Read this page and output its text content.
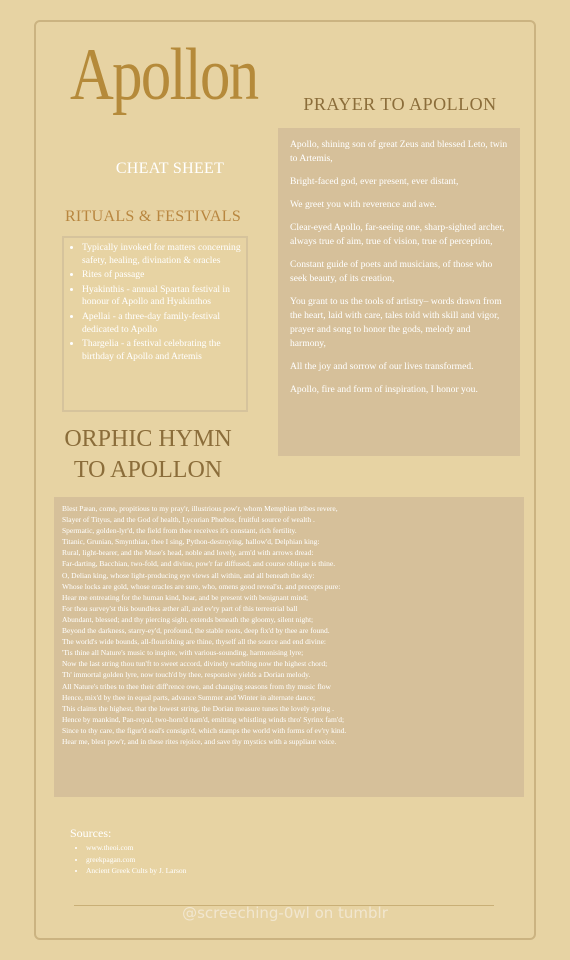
Apollon	PRAYER TO APOLLON
CHEAT SHEET
RITUALS & FESTIVALS
• Typically invoked for matters concerning safety, healing, divination & oracles
• Rites of passage
• Hyakinthis - annual Spartan festival in honour of Apollo and Hyakinthos
• Apellai - a three-day family-festival dedicated to Apollo
• Thargelia - a festival celebrating the birthday of Apollo and Artemis

Apollo, shining son of great Zeus and blessed Leto, twin to Artemis,

Bright-faced god, ever present, ever distant,

We greet you with reverence and awe.

Clear-eyed Apollo, far-seeing one, sharp-sighted archer, always true of aim, true of vision, true of perception,

Constant guide of poets and musicians, of those who seek beauty, of its creation,

You grant to us the tools of artistry– words drawn from the heart, laid with care, tales told with skill and vigor, prayer and song to honor the gods, melody and harmony,

All the joy and sorrow of our lives transformed.

Apollo, fire and form of inspiration, I honor you.

ORPHIC HYMN
TO APOLLON
Blest Pæan, come, propitious to my pray'r, illustrious pow'r, whom Memphian tribes revere,
Slayer of Tityus, and the God of health, Lycorian Phœbus, fruitful source of wealth .
Spermatic, golden-lyr'd, the field from thee receives it's constant, rich fertility.
Titanic, Grunian, Smynthian, thee I sing, Python-destroying, hallow'd, Delphian king:
Rural, light-bearer, and the Muse's head, noble and lovely, arm'd with arrows dread:
Far-darting, Bacchian, two-fold, and divine, pow'r far diffused, and course oblique is thine.
O, Delian king, whose light-producing eye views all within, and all beneath the sky:
Whose locks are gold, whose oracles are sure, who, omens good reveal'st, and precepts pure:
Hear me entreating for the human kind, hear, and be present with benignant mind;
For thou survey'st this boundless æther all, and ev'ry part of this terrestrial ball
Abundant, blessed; and thy piercing sight, extends beneath the gloomy, silent night;
Beyond the darkness, starry-ey'd, profound, the stable roots, deep fix'd by thee are found.
The world's wide bounds, all-flourishing are thine, thyself all the source and end divine:
'Tis thine all Nature's music to inspire, with various-sounding, harmonising lyre;
Now the last string thou tun'ft to sweet accord, divinely warbling now the highest chord;
Th' immortal golden lyre, now touch'd by thee, responsive yields a Dorian melody.
All Nature's tribes to thee their diff'rence owe, and changing seasons from thy music flow
Hence, mix'd by thee in equal parts, advance Summer and Winter in alternate dance;
This claims the highest, that the lowest string, the Dorian measure tunes the lovely spring .
Hence by mankind, Pan-royal, two-horn'd nam'd, emitting whistling winds thro' Syrinx fam'd;
Since to thy care, the figur'd seal's consign'd, which stamps the world with forms of ev'ry kind.
Hear me, blest pow'r, and in these rites rejoice, and save thy mystics with a suppliant voice.
Sources:
• www.theoi.com
• greekpagan.com
• Ancient Greek Cults by J. Larson
@screeching-0wl on tumblr
